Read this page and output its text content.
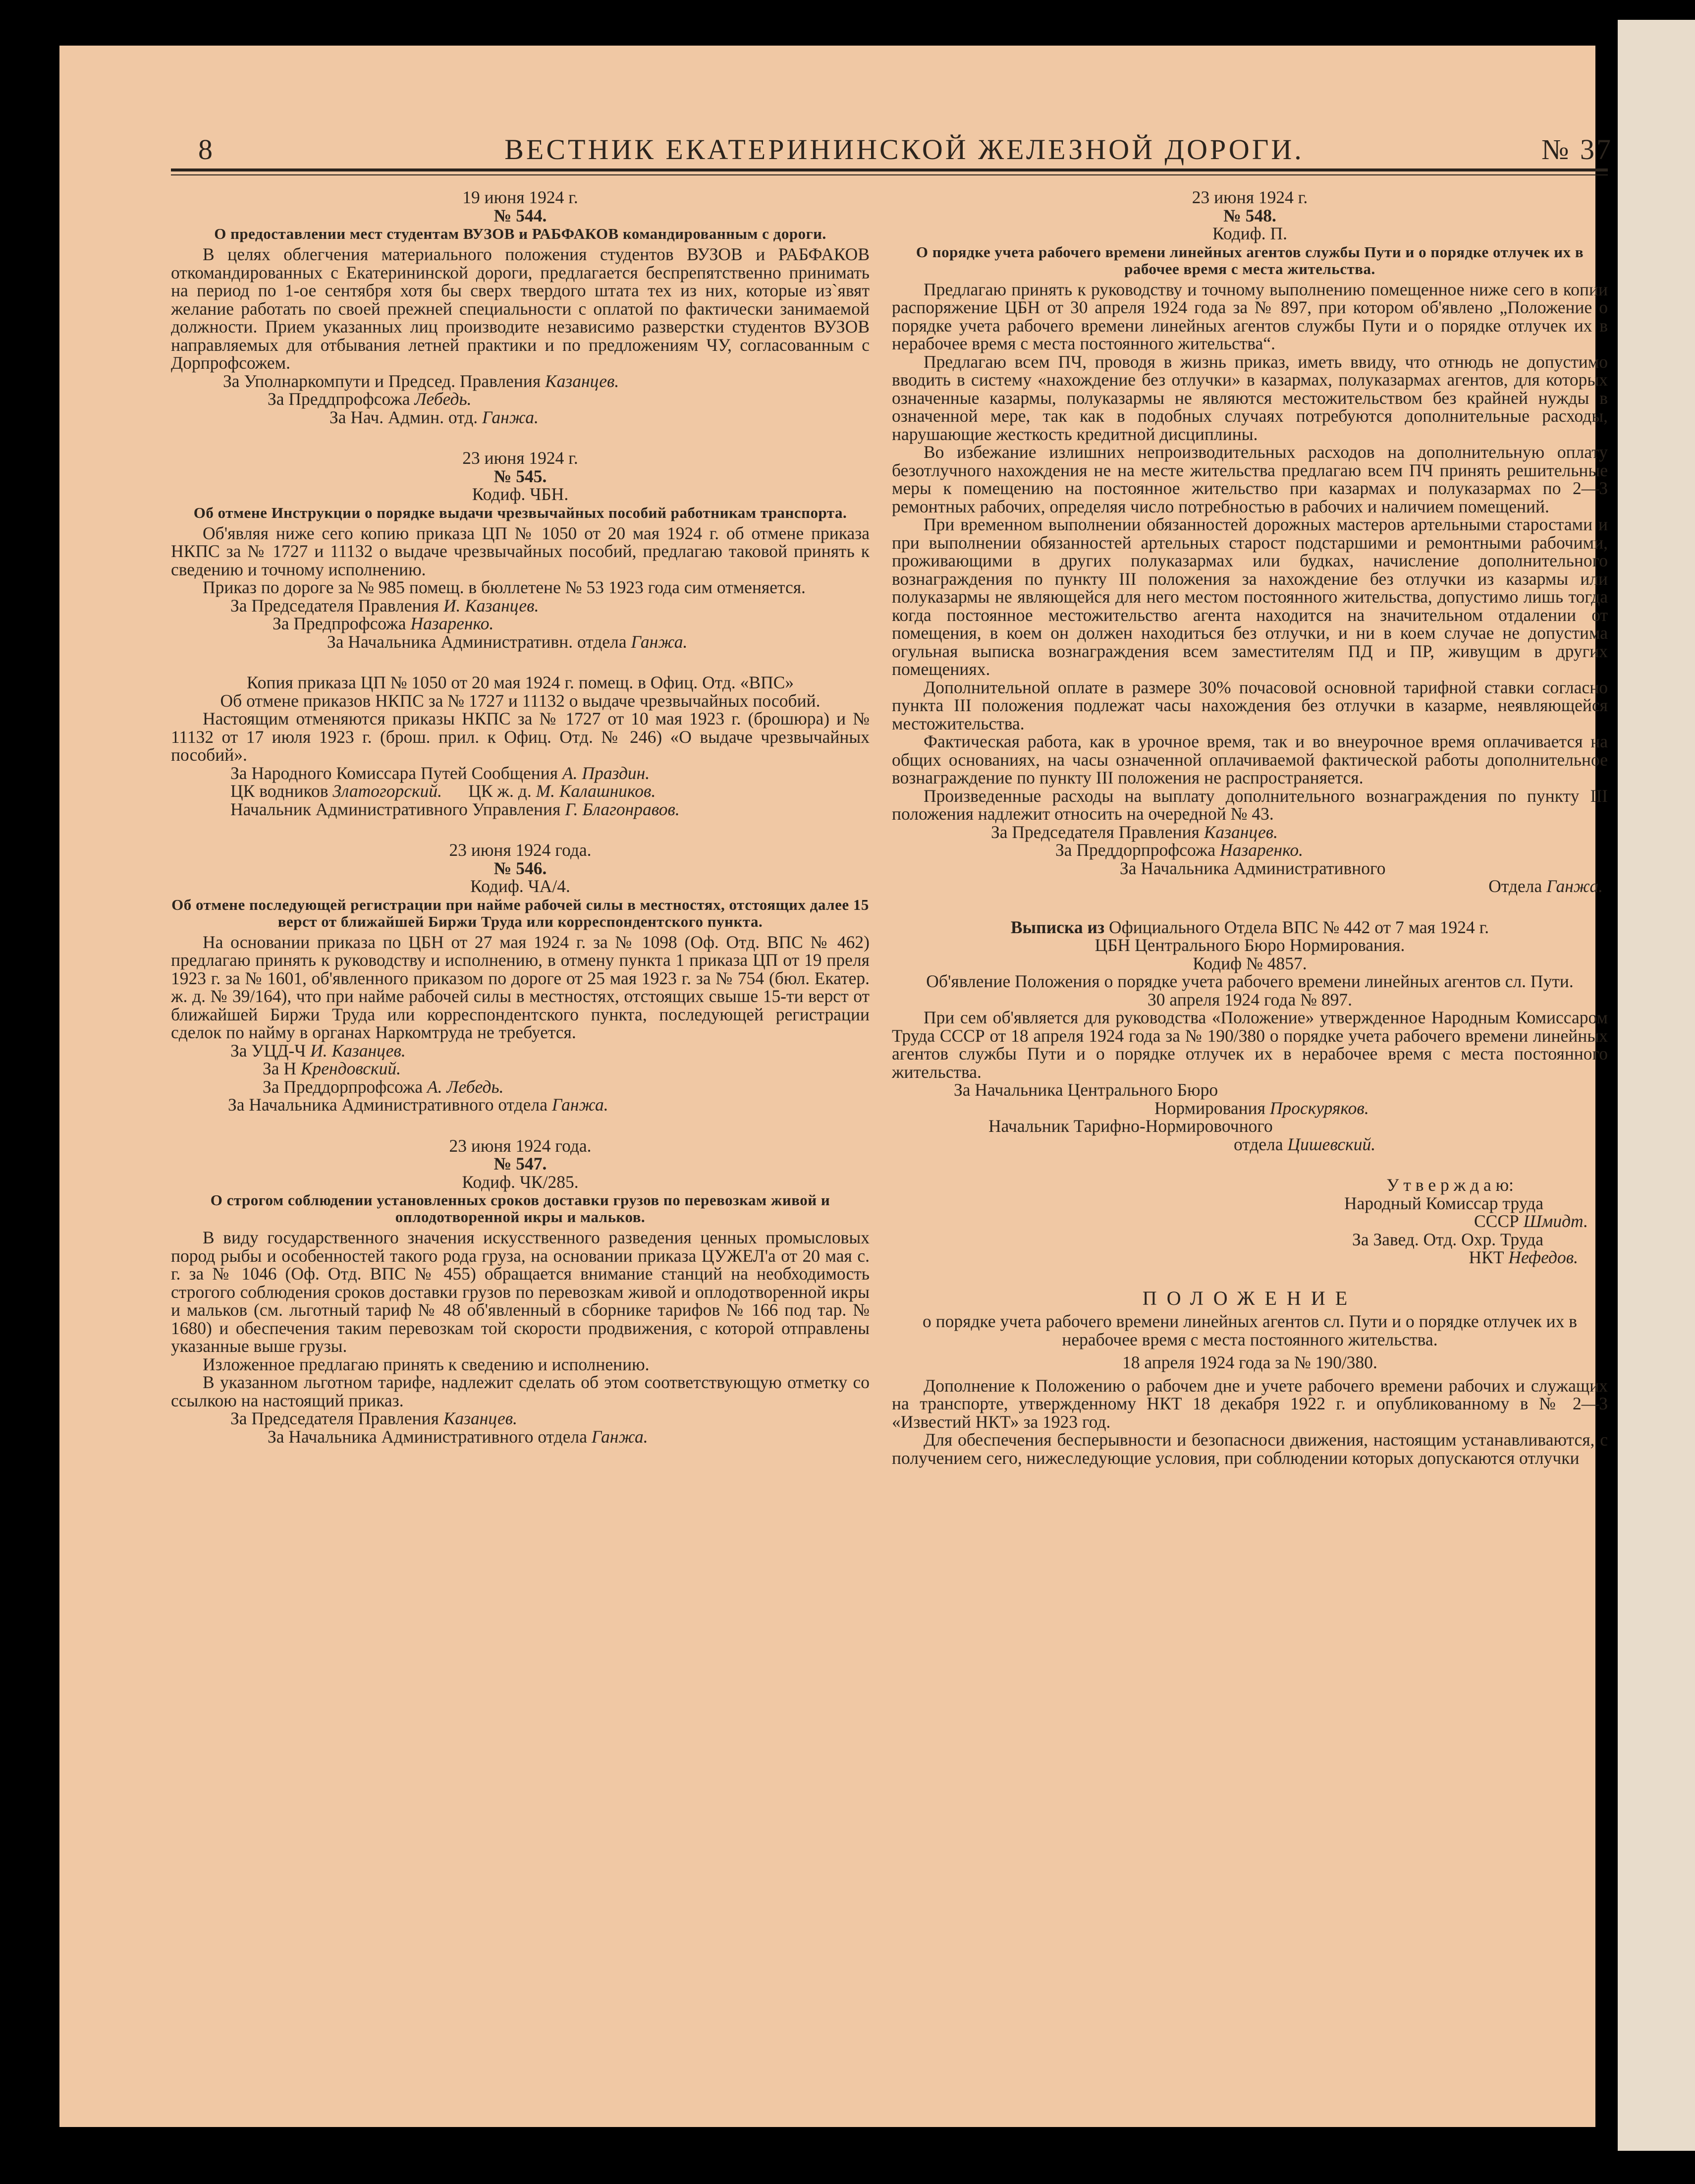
8	ВЕСТНИК ЕКАТЕРИНИНСКОЙ ЖЕЛЕЗНОЙ ДОРОГИ.	№ 37
19 июня 1924 г.
№ 544.
О предоставлении мест студентам ВУЗОВ и РАБФАКОВ командированным с дороги.

В целях облегчения материального положения студентов ВУЗОВ и РАБФАКОВ откомандированных с Екатерининской дороги, предлагается беспрепятственно принимать на период по 1-ое сентября хотя бы сверх твердого штата тех из них, которые из`явят желание работать по своей прежней специальности с оплатой по фактически занимаемой должности. Прием указанных лиц производите независимо разверстки студентов ВУЗОВ направляемых для отбывания летней практики и по предложениям ЧУ, согласованным с Дорпрофсожем.

За Уполнаркомпути и Председ. Правления Казанцев.
За Преддпрофсожа Лебедь.
За Нач. Админ. отд. Ганжа.
23 июня 1924 г.
№ 545.
Кодиф. ЧБН.
Об отмене Инструкции о порядке выдачи чрезвычайных пособий работникам транспорта.

Об'являя ниже сего копию приказа ЦП № 1050 от 20 мая 1924 г. об отмене приказа НКПС за № 1727 и 11132 о выдаче чрезвычайных пособий, предлагаю таковой принять к сведению и точному исполнению.

Приказ по дороге за № 985 помещ. в бюллетене № 53 1923 года сим отменяется.

За Председателя Правления И. Казанцев.
За Предпрофсожа Назаренко.
За Начальника Административн. отдела Ганжа.
Копия приказа ЦП № 1050 от 20 мая 1924 г. помещ. в Офиц. Отд. «ВПС»
Об отмене приказов НКПС за № 1727 и 11132 о выдаче чрезвычайных пособий.

Настоящим отменяются приказы НКПС за № 1727 от 10 мая 1923 г. (брошюра) и № 11132 от 17 июля 1923 г. (брош. прил. к Офиц. Отд. № 246) «О выдаче чрезвычайных пособий».

За Народного Комиссара Путей Сообщения А. Праздин.
ЦК водников Златогорский. ЦК ж. д. М. Калашников.
Начальник Административного Управления Г. Благонравов.
23 июня 1924 года.
№ 546.
Кодиф. ЧА/4.
Об отмене последующей регистрации при найме рабочей силы в местностях, отстоящих далее 15 верст от ближайшей Биржи Труда или корреспондентского пункта.

На основании приказа по ЦБН от 27 мая 1924 г. за № 1098 (Оф. Отд. ВПС № 462) предлагаю принять к руководству и исполнению, в отмену пункта 1 приказа ЦП от 19 преля 1923 г. за № 1601, об'явленного приказом по дороге от 25 мая 1923 г. за № 754 (бюл. Екатер. ж. д. № 39/164), что при найме рабочей силы в местностях, отстоящих свыше 15-ти верст от ближайшей Биржи Труда или корреспондентского пункта, последующей регистрации сделок по найму в органах Наркомтруда не требуется.

За УЦД-Ч И. Казанцев.
За Н Крендовский.
За Преддорпрофсожа А. Лебедь.
За Начальника Административного отдела Ганжа.
23 июня 1924 года.
№ 547.
Кодиф. ЧК/285.
О строгом соблюдении установленных сроков доставки грузов по перевозкам живой и оплодотворенной икры и мальков.

В виду государственного значения искусственного разведения ценных промысловых пород рыбы и особенностей такого рода груза, на основании приказа ЦУЖЕЛ'а от 20 мая с. г. за № 1046 (Оф. Отд. ВПС № 455) обращается внимание станций на необходимость строгого соблюдения сроков доставки грузов по перевозкам живой и оплодотворенной икры и мальков (см. льготный тариф № 48 об'явленный в сборнике тарифов № 166 под тар. № 1680) и обеспечения таким перевозкам той скорости продвижения, с которой отправлены указанные выше грузы.

Изложенное предлагаю принять к сведению и исполнению.

В указанном льготном тарифе, надлежит сделать об этом соответствующую отметку со ссылкою на настоящий приказ.

За Председателя Правления Казанцев.
За Начальника Административного отдела Ганжа.
23 июня 1924 г.
№ 548.
Кодиф. П.
О порядке учета рабочего времени линейных агентов службы Пути и о порядке отлучек их в рабочее время с места жительства.

Предлагаю принять к руководству и точному выполнению помещенное ниже сего в копии распоряжение ЦБН от 30 апреля 1924 года за № 897, при котором об'явлено „Положение о порядке учета рабочего времени линейных агентов службы Пути и о порядке отлучек их в нерабочее время с места постоянного жительства“.

Предлагаю всем ПЧ, проводя в жизнь приказ, иметь ввиду, что отнюдь не допустимо вводить в систему «нахождение без отлучки» в казармах, полуказармах агентов, для которых означенные казармы, полуказармы не являются местожительством без крайней нужды в означенной мере, так как в подобных случаях потребуются дополнительные расходы, нарушающие жесткость кредитной дисциплины.

Во избежание излишних непроизводительных расходов на дополнительную оплату безотлучного нахождения не на месте жительства предлагаю всем ПЧ принять решительные меры к помещению на постоянное жительство при казармах и полуказармах по 2—3 ремонтных рабочих, определяя число потребностью в рабочих и наличием помещений.

При временном выполнении обязанностей дорожных мастеров артельными старостами и при выполнении обязанностей артельных старост подстаршими и ремонтными рабочими, проживающими в других полуказармах или будках, начисление дополнительного вознаграждения по пункту III положения за нахождение без отлучки из казармы или полуказармы не являющейся для него местом постоянного жительства, допустимо лишь тогда когда постоянное местожительство агента находится на значительном отдалении от помещения, в коем он должен находиться без отлучки, и ни в коем случае не допустима огульная выписка вознаграждения всем заместителям ПД и ПР, живущим в других помещениях.

Дополнительной оплате в размере 30% почасовой основной тарифной ставки согласно пункта III положения подлежат часы нахождения без отлучки в казарме, неявляющейся местожительства.

Фактическая работа, как в урочное время, так и во внеурочное время оплачивается на общих основаниях, на часы означенной оплачиваемой фактической работы дополнительное вознаграждение по пункту III положения не распространяется.

Произведенные расходы на выплату дополнительного вознаграждения по пункту III положения надлежит относить на очередной № 43.

За Председателя Правления Казанцев.
За Преддорпрофсожа Назаренко.
За Начальника Административного
Отдела Ганжа.
Выписка из Официального Отдела ВПС № 442 от 7 мая 1924 г.
ЦБН Центрального Бюро Нормирования.
Кодиф № 4857.
Об'явление Положения о порядке учета рабочего времени линейных агентов сл. Пути.
30 апреля 1924 года № 897.

При сем об'является для руководства «Положение» утвержденное Народным Комиссаром Труда СССР от 18 апреля 1924 года за № 190/380 о порядке учета рабочего времени линейных агентов службы Пути и о порядке отлучек их в нерабочее время с места постоянного жительства.

За Начальника Центрального Бюро
Нормирования Проскуряков.
Начальник Тарифно-Нормировочного
отдела Цишевский.
У т в е р ж д а ю:
Народный Комиссар труда
СССР Шмидт.
За Завед. Отд. Охр. Труда
НКТ Нефедов.
ПОЛОЖЕНИЕ
о порядке учета рабочего времени линейных агентов сл. Пути и о порядке отлучек их в нерабочее время с места постоянного жительства.
18 апреля 1924 года за № 190/380.

Дополнение к Положению о рабочем дне и учете рабочего времени рабочих и служащих на транспорте, утвержденному НКТ 18 декабря 1922 г. и опубликованному в № 2—3 «Известий НКТ» за 1923 год.

Для обеспечения бесперывности и безопасноси движения, настоящим устанавливаются, с получением сего, нижеследующие условия, при соблюдении которых допускаются отлучки
